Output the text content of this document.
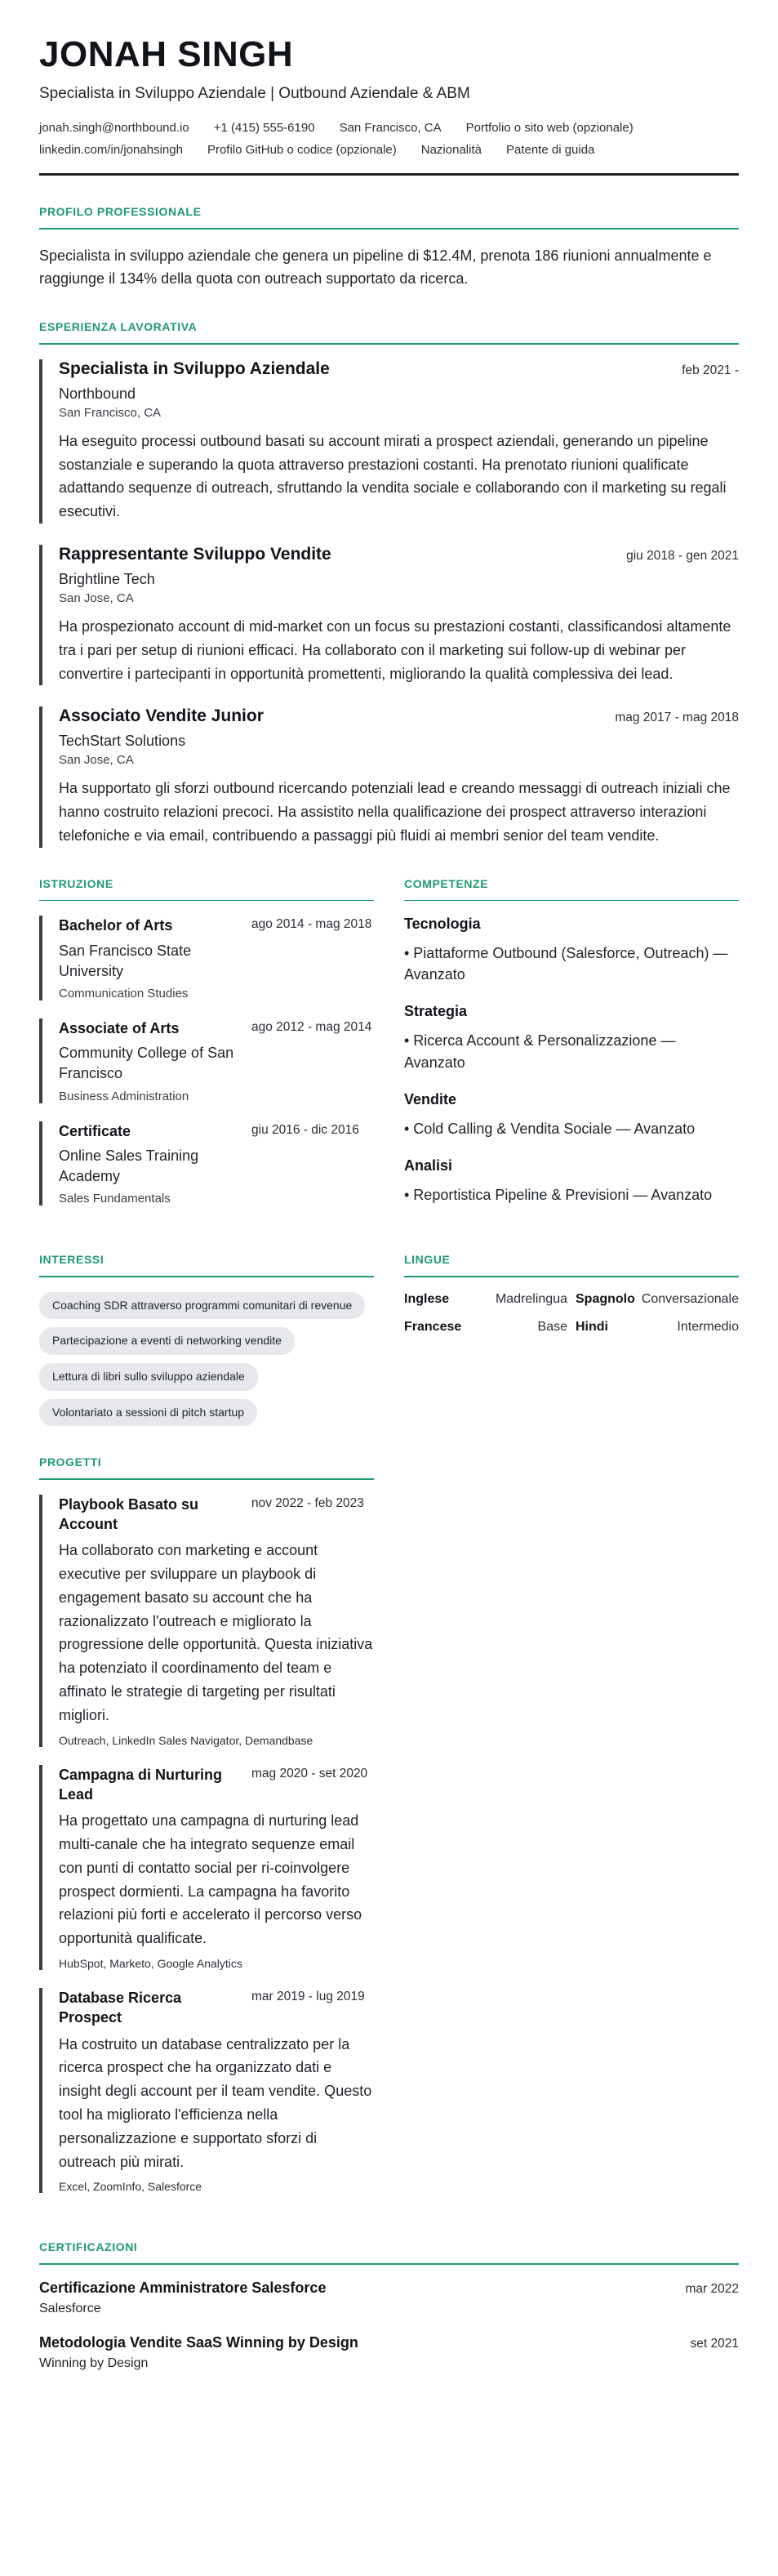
JONAH SINGH
Specialista in Sviluppo Aziendale | Outbound Aziendale & ABM
jonah.singh@northbound.io +1 (415) 555-6190 San Francisco, CA Portfolio o sito web (opzionale)
linkedin.com/in/jonahsingh Profilo GitHub o codice (opzionale) Nazionalità Patente di guida
PROFILO PROFESSIONALE

Specialista in sviluppo aziendale che genera un pipeline di $12.4M, prenota 186 riunioni annualmente e raggiunge il 134% della quota con outreach supportato da ricerca.

ESPERIENZA LAVORATIVA
Specialista in Sviluppo Aziendale	feb 2021 -
Northbound
San Francisco, CA

Ha eseguito processi outbound basati su account mirati a prospect aziendali, generando un pipeline sostanziale e superando la quota attraverso prestazioni costanti. Ha prenotato riunioni qualificate adattando sequenze di outreach, sfruttando la vendita sociale e collaborando con il marketing su regali esecutivi.

Rappresentante Sviluppo Vendite	giu 2018 - gen 2021
Brightline Tech
San Jose, CA

Ha prospezionato account di mid-market con un focus su prestazioni costanti, classificandosi altamente tra i pari per setup di riunioni efficaci. Ha collaborato con il marketing sui follow-up di webinar per convertire i partecipanti in opportunità promettenti, migliorando la qualità complessiva dei lead.

Associato Vendite Junior	mag 2017 - mag 2018
TechStart Solutions
San Jose, CA

Ha supportato gli sforzi outbound ricercando potenziali lead e creando messaggi di outreach iniziali che hanno costruito relazioni precoci. Ha assistito nella qualificazione dei prospect attraverso interazioni telefoniche e via email, contribuendo a passaggi più fluidi ai membri senior del team vendite.

ISTRUZIONE
Bachelor of Arts
San Francisco State University
ago 2014 - mag 2018
Communication Studies
Associate of Arts
Community College of San Francisco
ago 2012 - mag 2014
Business Administration
Certificate
Online Sales Training Academy
giu 2016 - dic 2016
Sales Fundamentals
COMPETENZE
Tecnologia
• Piattaforme Outbound (Salesforce, Outreach) — Avanzato
Strategia
• Ricerca Account & Personalizzazione — Avanzato
Vendite
• Cold Calling & Vendita Sociale — Avanzato
Analisi
• Reportistica Pipeline & Previsioni — Avanzato
INTERESSI
Coaching SDR attraverso programmi comunitari di revenue
Partecipazione a eventi di networking vendite
Lettura di libri sullo sviluppo aziendale
Volontariato a sessioni di pitch startup
LINGUE
Inglese	Madrelingua Spagnolo Conversazionale
Francese	Base Hindi	Intermedio
PROGETTI
Playbook Basato su Account
nov 2022 - feb 2023

Ha collaborato con marketing e account executive per sviluppare un playbook di engagement basato su account che ha razionalizzato l'outreach e migliorato la progressione delle opportunità. Questa iniziativa ha potenziato il coordinamento del team e affinato le strategie di targeting per risultati migliori.

Outreach, LinkedIn Sales Navigator, Demandbase
Campagna di Nurturing Lead
mag 2020 - set 2020

Ha progettato una campagna di nurturing lead multi-canale che ha integrato sequenze email con punti di contatto social per ri-coinvolgere prospect dormienti. La campagna ha favorito relazioni più forti e accelerato il percorso verso opportunità qualificate.

HubSpot, Marketo, Google Analytics
Database Ricerca Prospect
mar 2019 - lug 2019

Ha costruito un database centralizzato per la ricerca prospect che ha organizzato dati e insight degli account per il team vendite. Questo tool ha migliorato l'efficienza nella personalizzazione e supportato sforzi di outreach più mirati.

Excel, ZoomInfo, Salesforce
CERTIFICAZIONI
Certificazione Amministratore Salesforce	mar 2022
Salesforce
Metodologia Vendite SaaS Winning by Design	set 2021
Winning by Design
